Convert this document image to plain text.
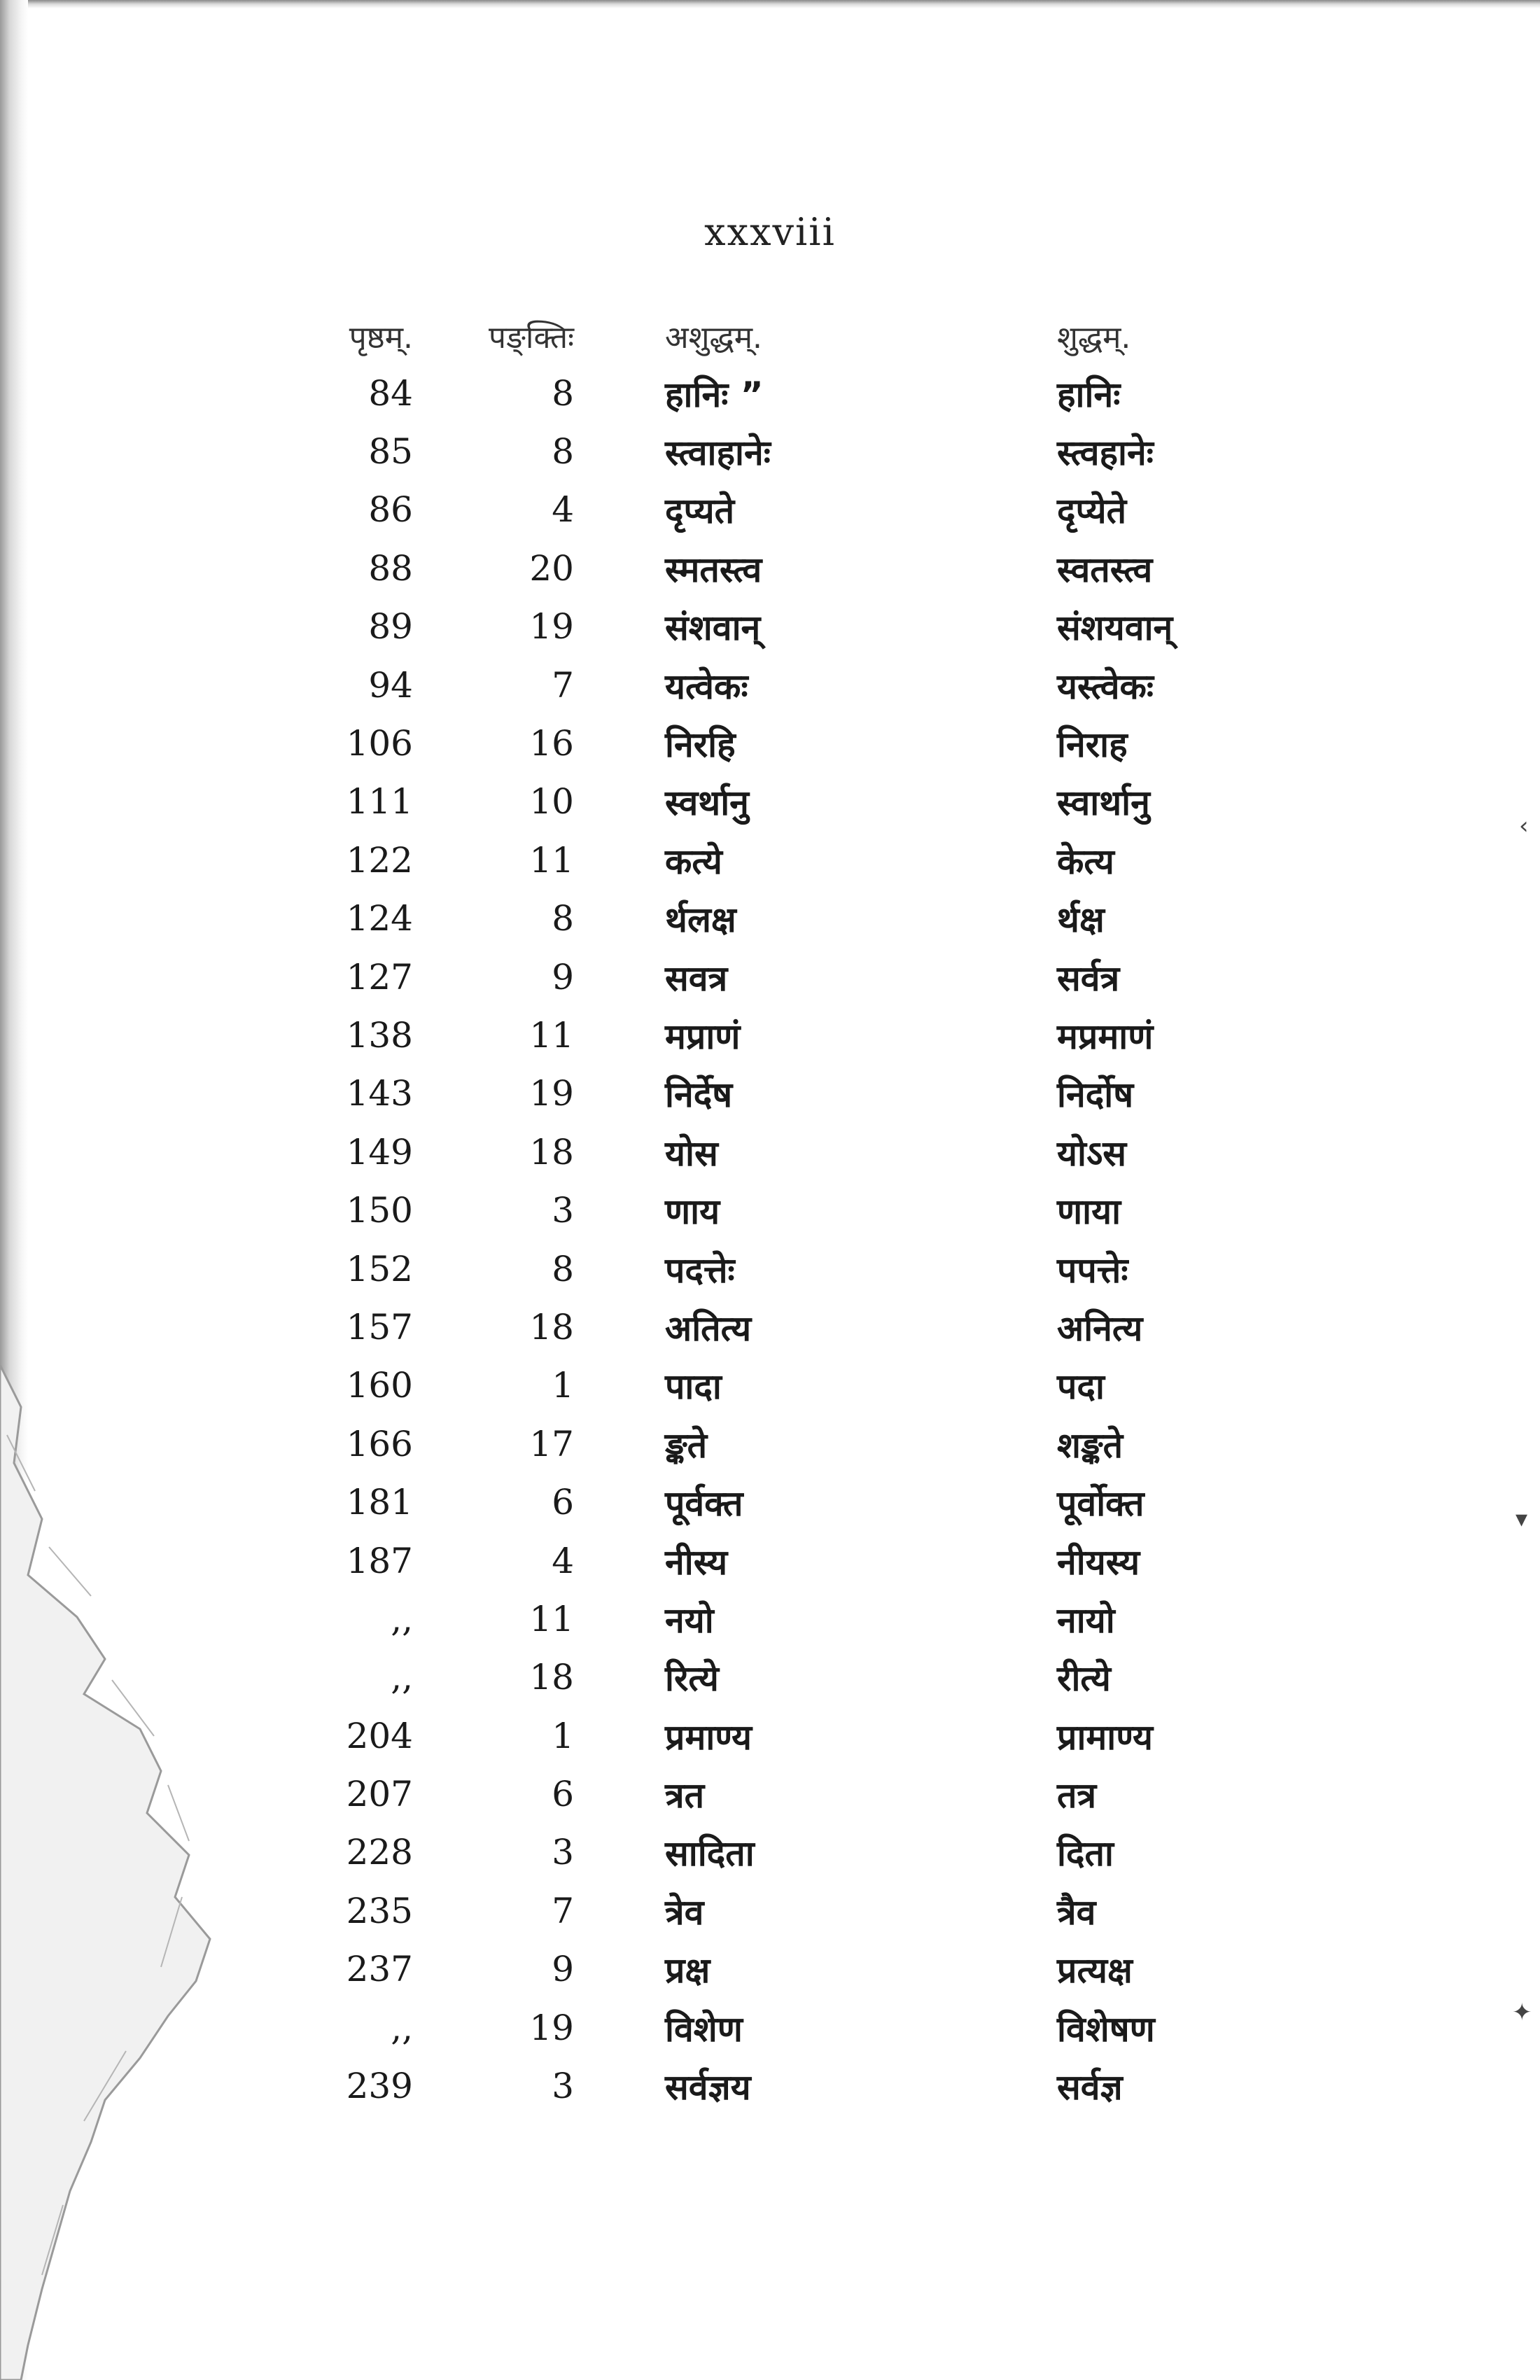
‹
▾
✦
xxxviii
पृष्ठम्.	पङ्क्तिः	अशुद्धम्.	शुद्धम्.
84	8	हानिः ”	हानिः
85	8	स्त्वाहानेः	स्त्वहानेः
86	4	दृप्यते	दृप्येते
88	20	स्मतस्त्व	स्वतस्त्व
89	19	संशवान्	संशयवान्
94	7	यत्वेकः	यस्त्वेकः
106	16	निरहि	निराह
111	10	स्वर्थानु	स्वार्थानु
122	11	कत्ये	केत्य
124	8	र्थलक्ष	र्थक्ष
127	9	सवत्र	सर्वत्र
138	11	मप्राणं	मप्रमाणं
143	19	निर्देष	निर्दोष
149	18	योस	योऽस
150	3	णाय	णाया
152	8	पदत्तेः	पपत्तेः
157	18	अतित्य	अनित्य
160	1	पादा	पदा
166	17	ङ्कते	शङ्कते
181	6	पूर्वक्त	पूर्वोक्त
187	4	नीस्य	नीयस्य
,,	11	नयो	नायो
,,	18	रित्ये	रीत्ये
204	1	प्रमाण्य	प्रामाण्य
207	6	त्रत	तत्र
228	3	सादिता	दिता
235	7	त्रेव	त्रैव
237	9	प्रक्ष	प्रत्यक्ष
,,	19	विशेण	विशेषण
239	3	सर्वज्ञय	सर्वज्ञ
